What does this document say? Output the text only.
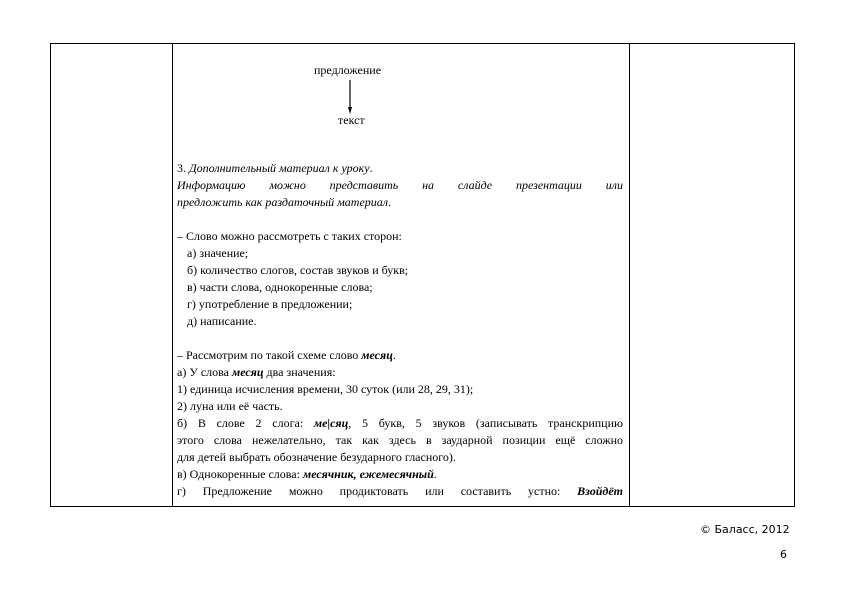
предложение
текст
3. Дополнительный материал к уроку.
Информацию можно представить на слайде презентации или
предложить как раздаточный материал.
– Слово можно рассмотреть с таких сторон:
а) значение;
б) количество слогов, состав звуков и букв;
в) части слова, однокоренные слова;
г) употребление в предложении;
д) написание.
– Рассмотрим по такой схеме слово месяц.
а) У слова месяц два значения:
1) единица исчисления времени, 30 суток (или 28, 29, 31);
2) луна или её часть.
б) В слове 2 слога: ме|сяц, 5 букв, 5 звуков (записывать транскрипцию
этого слова нежелательно, так как здесь в заударной позиции ещё сложно
для детей выбрать обозначение безударного гласного).
в) Однокоренные слова: месячник, ежемесячный.
г) Предложение можно продиктовать или составить устно: Взойдёт
© Баласс, 2012
6
